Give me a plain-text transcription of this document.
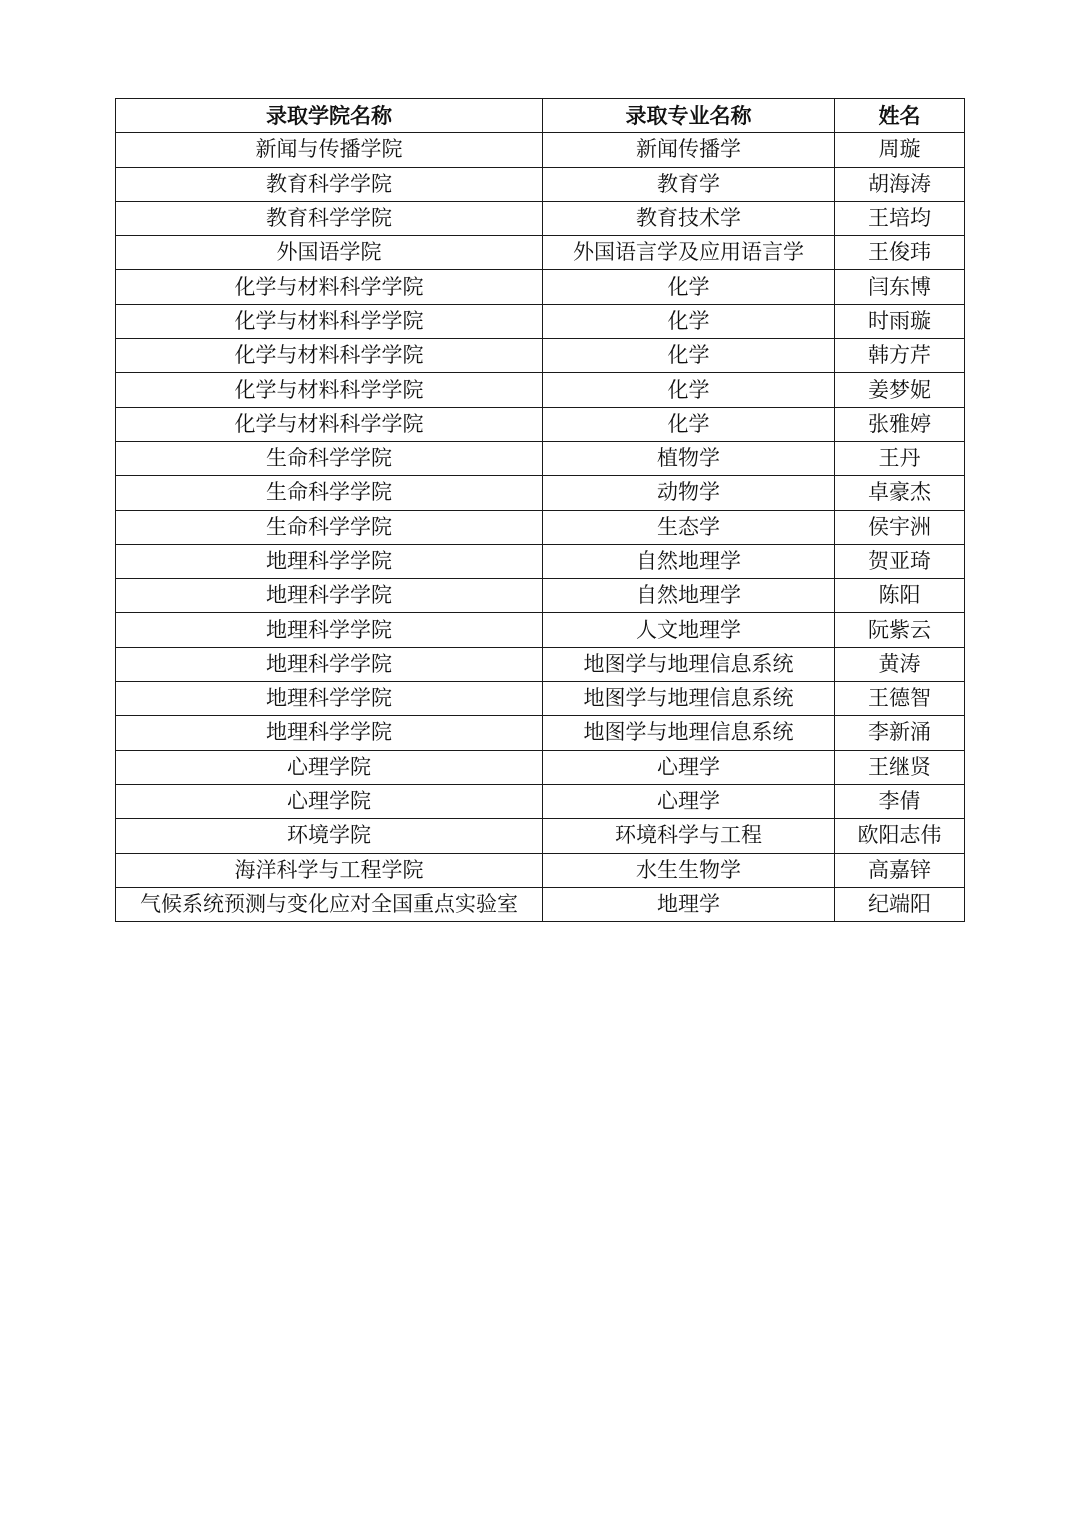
录取学院名称	录取专业名称	姓名
新闻与传播学院	新闻传播学	周璇
教育科学学院	教育学	胡海涛
教育科学学院	教育技术学	王培均
外国语学院	外国语言学及应用语言学	王俊玮
化学与材料科学学院	化学	闫东博
化学与材料科学学院	化学	时雨璇
化学与材料科学学院	化学	韩方芹
化学与材料科学学院	化学	姜梦妮
化学与材料科学学院	化学	张雅婷
生命科学学院	植物学	王丹
生命科学学院	动物学	卓豪杰
生命科学学院	生态学	侯宇洲
地理科学学院	自然地理学	贺亚琦
地理科学学院	自然地理学	陈阳
地理科学学院	人文地理学	阮紫云
地理科学学院	地图学与地理信息系统	黄涛
地理科学学院	地图学与地理信息系统	王德智
地理科学学院	地图学与地理信息系统	李新涌
心理学院	心理学	王继贤
心理学院	心理学	李倩
环境学院	环境科学与工程	欧阳志伟
海洋科学与工程学院	水生生物学	高嘉锌
气候系统预测与变化应对全国重点实验室	地理学	纪端阳
